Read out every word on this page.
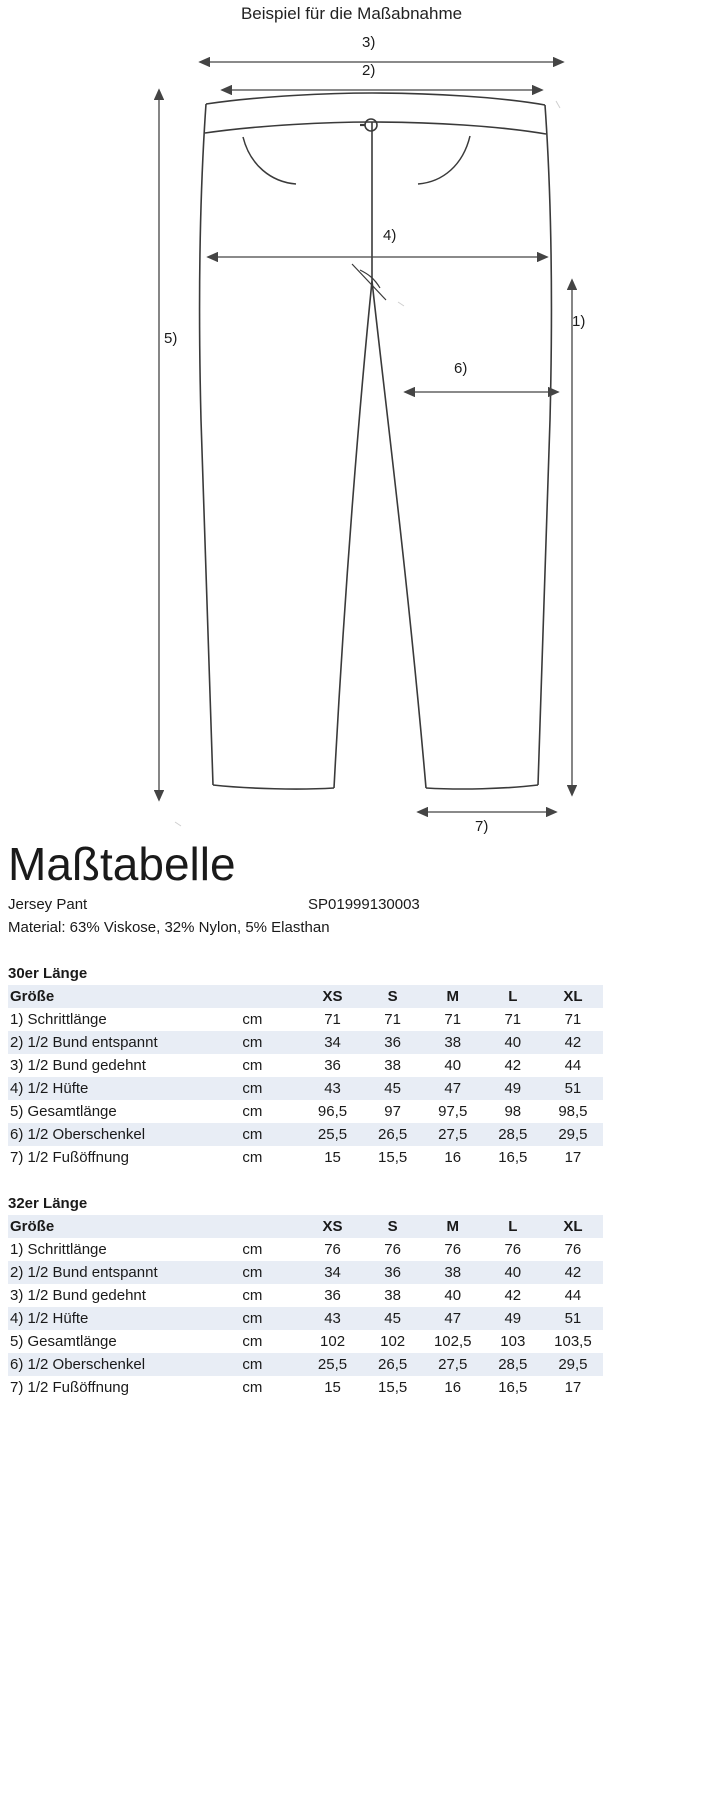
Beispiel für die Maßabnahme
3)
2)
4)
1)
5)
6)
7)
Maßtabelle
Jersey Pant	SP01999130003
Material: 63% Viskose, 32% Nylon, 5% Elasthan
30er Länge
Größe		XS	S	M	L	XL
1) Schrittlänge	cm	71	71	71	71	71
2) 1/2 Bund entspannt	cm	34	36	38	40	42
3) 1/2 Bund gedehnt	cm	36	38	40	42	44
4) 1/2 Hüfte	cm	43	45	47	49	51
5) Gesamtlänge	cm	96,5	97	97,5	98	98,5
6) 1/2 Oberschenkel	cm	25,5	26,5	27,5	28,5	29,5
7) 1/2 Fußöffnung	cm	15	15,5	16	16,5	17
32er Länge
Größe		XS	S	M	L	XL
1) Schrittlänge	cm	76	76	76	76	76
2) 1/2 Bund entspannt	cm	34	36	38	40	42
3) 1/2 Bund gedehnt	cm	36	38	40	42	44
4) 1/2 Hüfte	cm	43	45	47	49	51
5) Gesamtlänge	cm	102	102	102,5	103	103,5
6) 1/2 Oberschenkel	cm	25,5	26,5	27,5	28,5	29,5
7) 1/2 Fußöffnung	cm	15	15,5	16	16,5	17
